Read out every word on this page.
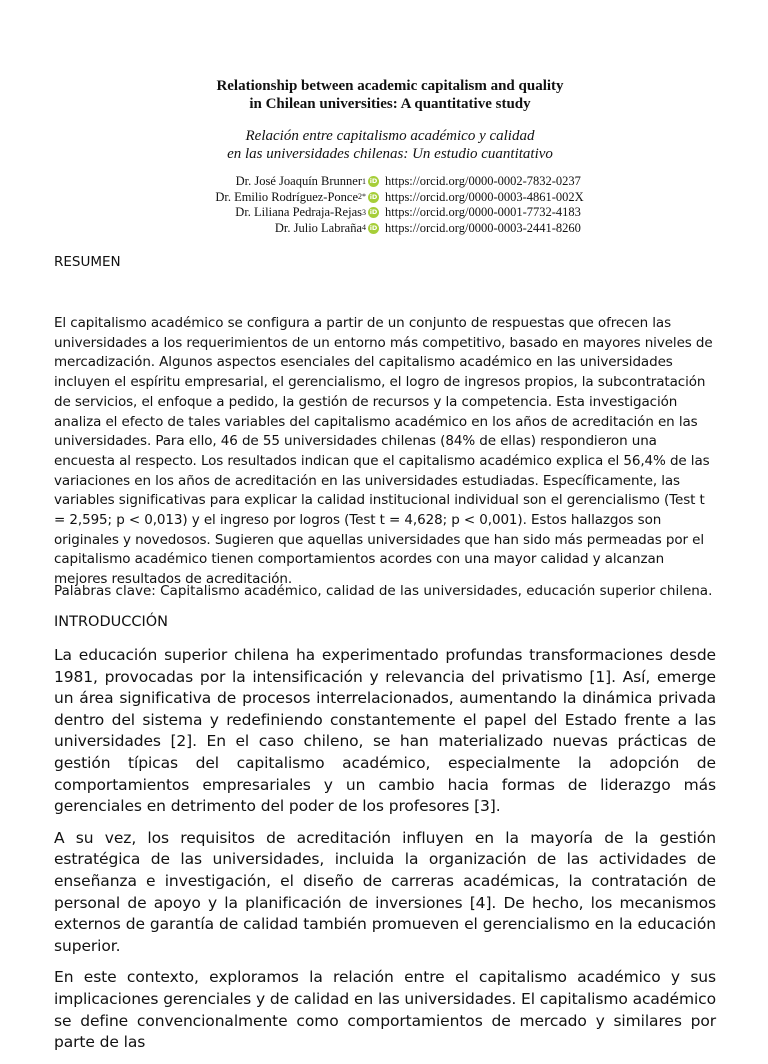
Relationship between academic capitalism and quality
in Chilean universities: A quantitative study

Relación entre capitalismo académico y calidad
en las universidades chilenas: Un estudio cuantitativo

Dr. José Joaquín Brunner 1 iD https://orcid.org/0000-0002-7832-0237
Dr. Emilio Rodríguez-Ponce 2* iD https://orcid.org/0000-0003-4861-002X
Dr. Liliana Pedraja-Rejas 3 iD https://orcid.org/0000-0001-7732-4183
Dr. Julio Labraña 4 iD https://orcid.org/0000-0003-2441-8260

RESUMEN

El capitalismo académico se configura a partir de un conjunto de respuestas que ofrecen las universidades a los requerimientos de un entorno más competitivo, basado en mayores niveles de mercadización. Algunos aspectos esenciales del capitalismo académico en las universidades incluyen el espíritu empresarial, el gerencialismo, el logro de ingresos propios, la subcontratación de servicios, el enfoque a pedido, la gestión de recursos y la competencia. Esta investigación analiza el efecto de tales variables del capitalismo académico en los años de acreditación en las universidades. Para ello, 46 de 55 universidades chilenas (84% de ellas) respondieron una encuesta al respecto. Los resultados indican que el capitalismo académico explica el 56,4% de las variaciones en los años de acreditación en las universidades estudiadas. Específicamente, las variables significativas para explicar la calidad institucional individual son el gerencialismo (Test t = 2,595; p < 0,013) y el ingreso por logros (Test t = 4,628; p < 0,001). Estos hallazgos son originales y novedosos. Sugieren que aquellas universidades que han sido más permeadas por el capitalismo académico tienen comportamientos acordes con una mayor calidad y alcanzan mejores resultados de acreditación.

Palabras clave: Capitalismo académico, calidad de las universidades, educación superior chilena.

INTRODUCCIÓN

La educación superior chilena ha experimentado profundas transformaciones desde 1981, provocadas por la intensificación y relevancia del privatismo [1]. Así, emerge un área significativa de procesos interrelacionados, aumentando la dinámica privada dentro del sistema y redefiniendo constantemente el papel del Estado frente a las universidades [2]. En el caso chileno, se han materializado nuevas prácticas de gestión típicas del capitalismo académico, especialmente la adopción de comportamientos empresariales y un cambio hacia formas de liderazgo más gerenciales en detrimento del poder de los profesores [3].

A su vez, los requisitos de acreditación influyen en la mayoría de la gestión estratégica de las universidades, incluida la organización de las actividades de enseñanza e investigación, el diseño de carreras académicas, la contratación de personal de apoyo y la planificación de inversiones [4]. De hecho, los mecanismos externos de garantía de calidad también promueven el gerencialismo en la educación superior.

En este contexto, exploramos la relación entre el capitalismo académico y sus implicaciones gerenciales y de calidad en las universidades. El capitalismo académico se define convencionalmente como comportamientos de mercado y similares por parte de las
